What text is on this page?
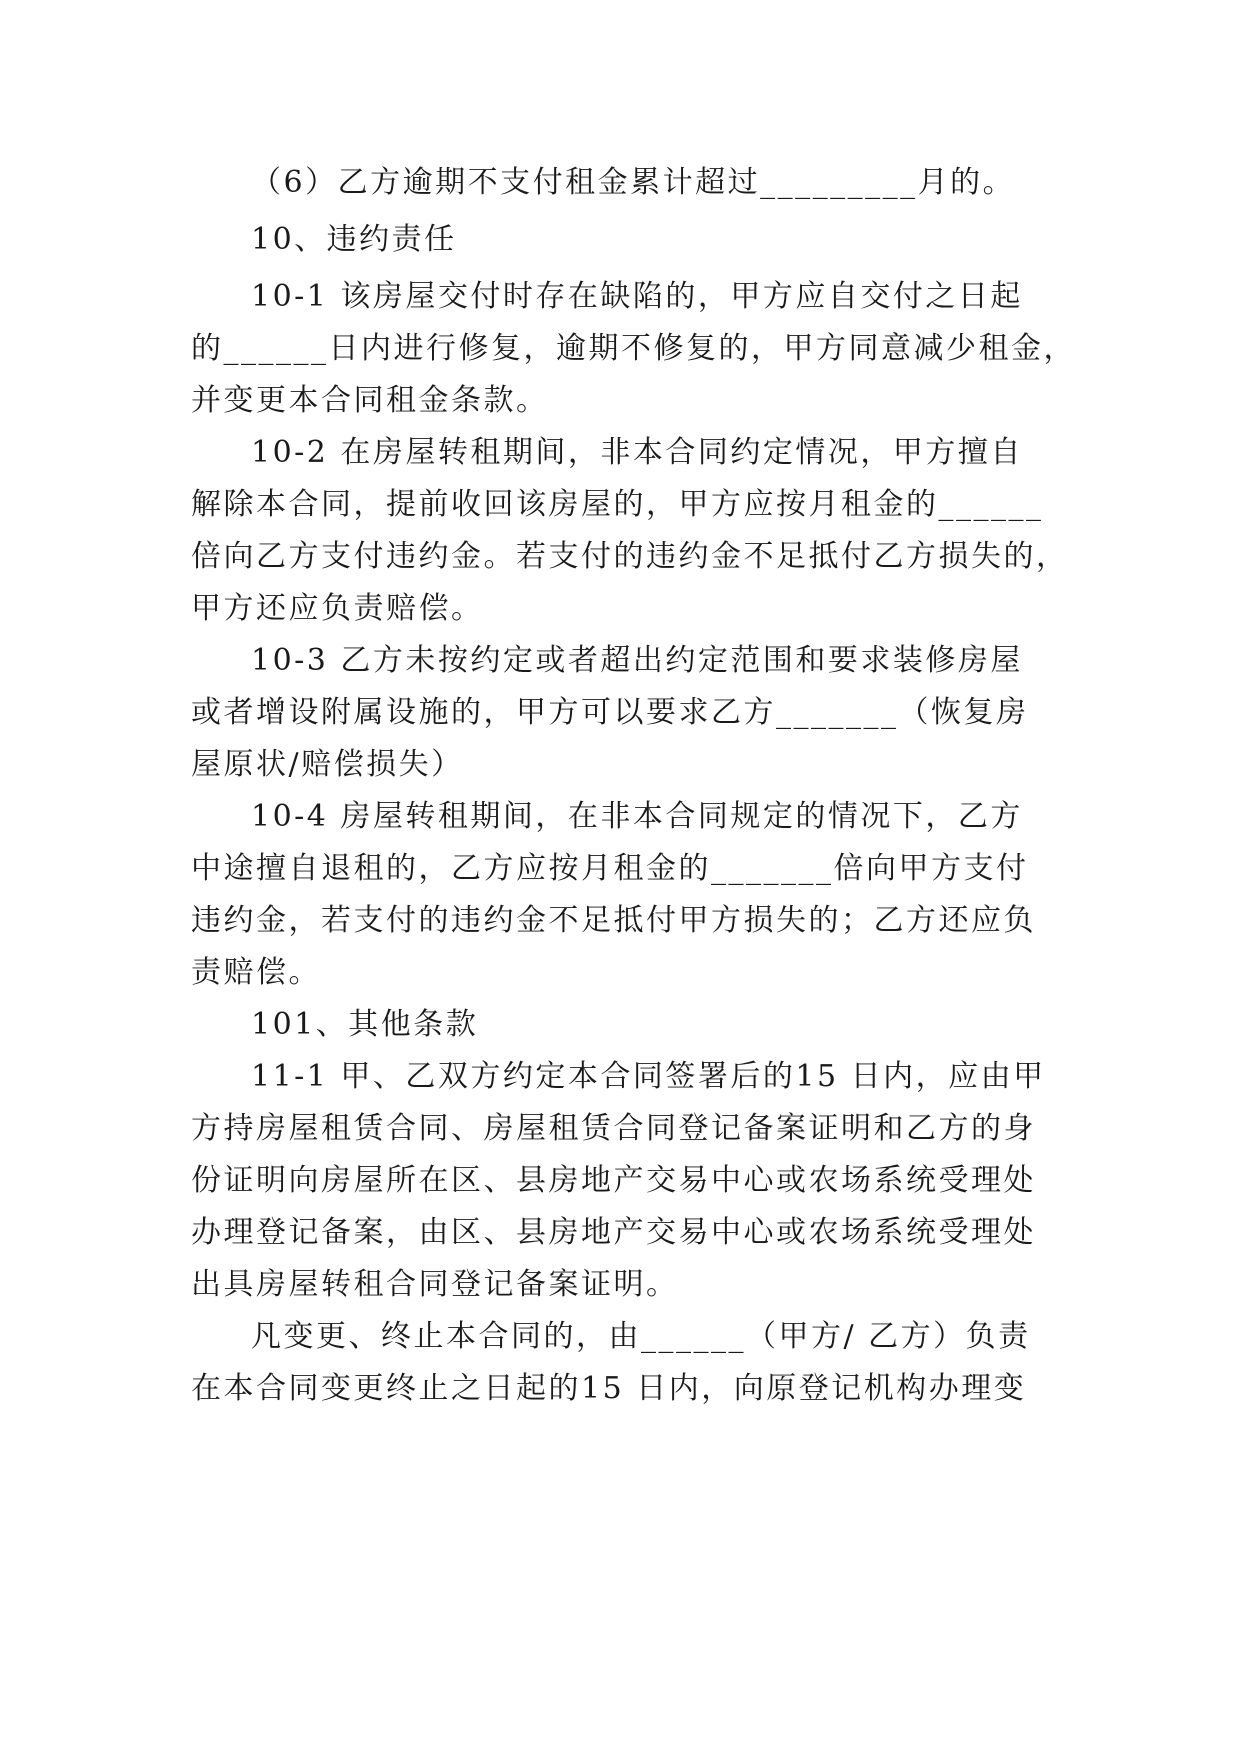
（6）乙方逾期不支付租金累计超过_________月的。
10、违约责任
10-1 该房屋交付时存在缺陷的，甲方应自交付之日起
的______日内进行修复，逾期不修复的，甲方同意减少租金，
并变更本合同租金条款。
10-2 在房屋转租期间，非本合同约定情况，甲方擅自
解除本合同，提前收回该房屋的，甲方应按月租金的______
倍向乙方支付违约金。若支付的违约金不足抵付乙方损失的，
甲方还应负责赔偿。
10-3 乙方未按约定或者超出约定范围和要求装修房屋
或者增设附属设施的，甲方可以要求乙方_______（恢复房
屋原状/赔偿损失）
10-4 房屋转租期间，在非本合同规定的情况下，乙方
中途擅自退租的，乙方应按月租金的_______倍向甲方支付
违约金，若支付的违约金不足抵付甲方损失的；乙方还应负
责赔偿。
101、其他条款
11-1 甲、乙双方约定本合同签署后的15 日内，应由甲
方持房屋租赁合同、房屋租赁合同登记备案证明和乙方的身
份证明向房屋所在区、县房地产交易中心或农场系统受理处
办理登记备案，由区、县房地产交易中心或农场系统受理处
出具房屋转租合同登记备案证明。
凡变更、终止本合同的，由______（甲方/ 乙方）负责
在本合同变更终止之日起的15 日内，向原登记机构办理变
